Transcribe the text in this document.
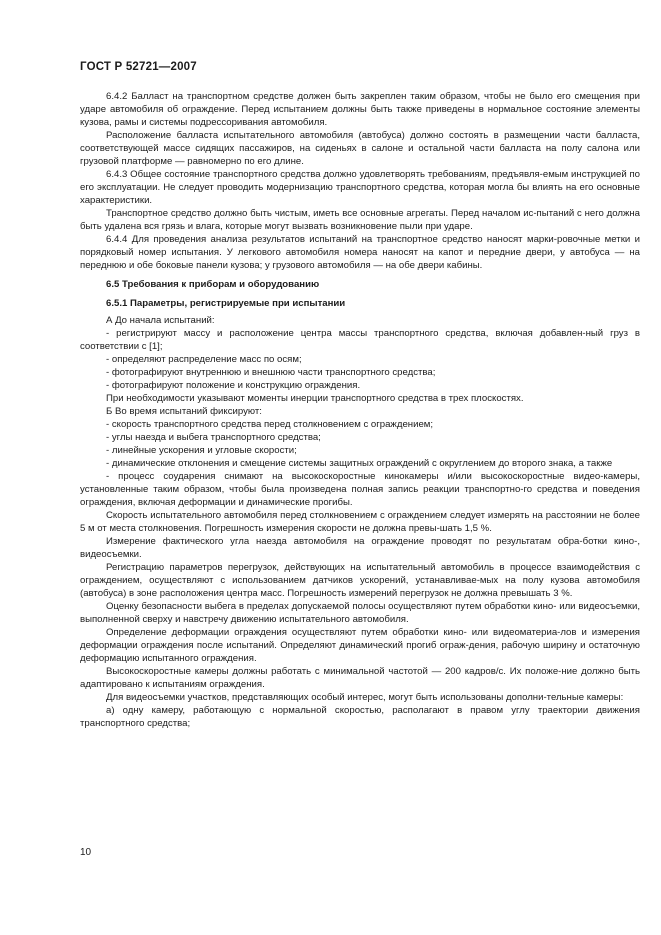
ГОСТ Р 52721—2007

6.4.2 Балласт на транспортном средстве должен быть закреплен таким образом, чтобы не было его смещения при ударе автомобиля об ограждение. Перед испытанием должны быть также приведены в нормальное состояние элементы кузова, рамы и системы подрессоривания автомобиля.

Расположение балласта испытательного автомобиля (автобуса) должно состоять в размещении части балласта, соответствующей массе сидящих пассажиров, на сиденьях в салоне и остальной части балласта на полу салона или грузовой платформе — равномерно по его длине.

6.4.3 Общее состояние транспортного средства должно удовлетворять требованиям, предъявля-емым инструкцией по его эксплуатации. Не следует проводить модернизацию транспортного средства, которая могла бы влиять на его основные характеристики.

Транспортное средство должно быть чистым, иметь все основные агрегаты. Перед началом ис-пытаний с него должна быть удалена вся грязь и влага, которые могут вызвать возникновение пыли при ударе.

6.4.4 Для проведения анализа результатов испытаний на транспортное средство наносят марки-ровочные метки и порядковый номер испытания. У легкового автомобиля номера наносят на капот и передние двери, у автобуса — на переднюю и обе боковые панели кузова; у грузового автомобиля — на обе двери кабины.

6.5 Требования к приборам и оборудованию

6.5.1 Параметры, регистрируемые при испытании

А До начала испытаний:

- регистрируют массу и расположение центра массы транспортного средства, включая добавлен-ный груз в соответствии с [1];

- определяют распределение масс по осям;

- фотографируют внутреннюю и внешнюю части транспортного средства;

- фотографируют положение и конструкцию ограждения.

При необходимости указывают моменты инерции транспортного средства в трех плоскостях.

Б Во время испытаний фиксируют:

- скорость транспортного средства перед столкновением с ограждением;

- углы наезда и выбега транспортного средства;

- линейные ускорения и угловые скорости;

- динамические отклонения и смещение системы защитных ограждений с округлением до второго знака, а также

- процесс соударения снимают на высокоскоростные кинокамеры и/или высокоскоростные видео-камеры, установленные таким образом, чтобы была произведена полная запись реакции транспортно-го средства и поведения ограждения, включая деформации и динамические прогибы.

Скорость испытательного автомобиля перед столкновением с ограждением следует измерять на расстоянии не более 5 м от места столкновения. Погрешность измерения скорости не должна превы-шать 1,5 %.

Измерение фактического угла наезда автомобиля на ограждение проводят по результатам обра-ботки кино-, видеосъемки.

Регистрацию параметров перегрузок, действующих на испытательный автомобиль в процессе взаимодействия с ограждением, осуществляют с использованием датчиков ускорений, устанавливае-мых на полу кузова автомобиля (автобуса) в зоне расположения центра масс. Погрешность измерений перегрузок не должна превышать 3 %.

Оценку безопасности выбега в пределах допускаемой полосы осуществляют путем обработки кино- или видеосъемки, выполненной сверху и навстречу движению испытательного автомобиля.

Определение деформации ограждения осуществляют путем обработки кино- или видеоматериа-лов и измерения деформации ограждения после испытаний. Определяют динамический прогиб ограж-дения, рабочую ширину и остаточную деформацию испытанного ограждения.

Высокоскоростные камеры должны работать с минимальной частотой — 200 кадров/с. Их положе-ние должно быть адаптировано к испытаниям ограждения.

Для видеосъемки участков, представляющих особый интерес, могут быть использованы дополни-тельные камеры:

а) одну камеру, работающую с нормальной скоростью, располагают в правом углу траектории движения транспортного средства;

10
